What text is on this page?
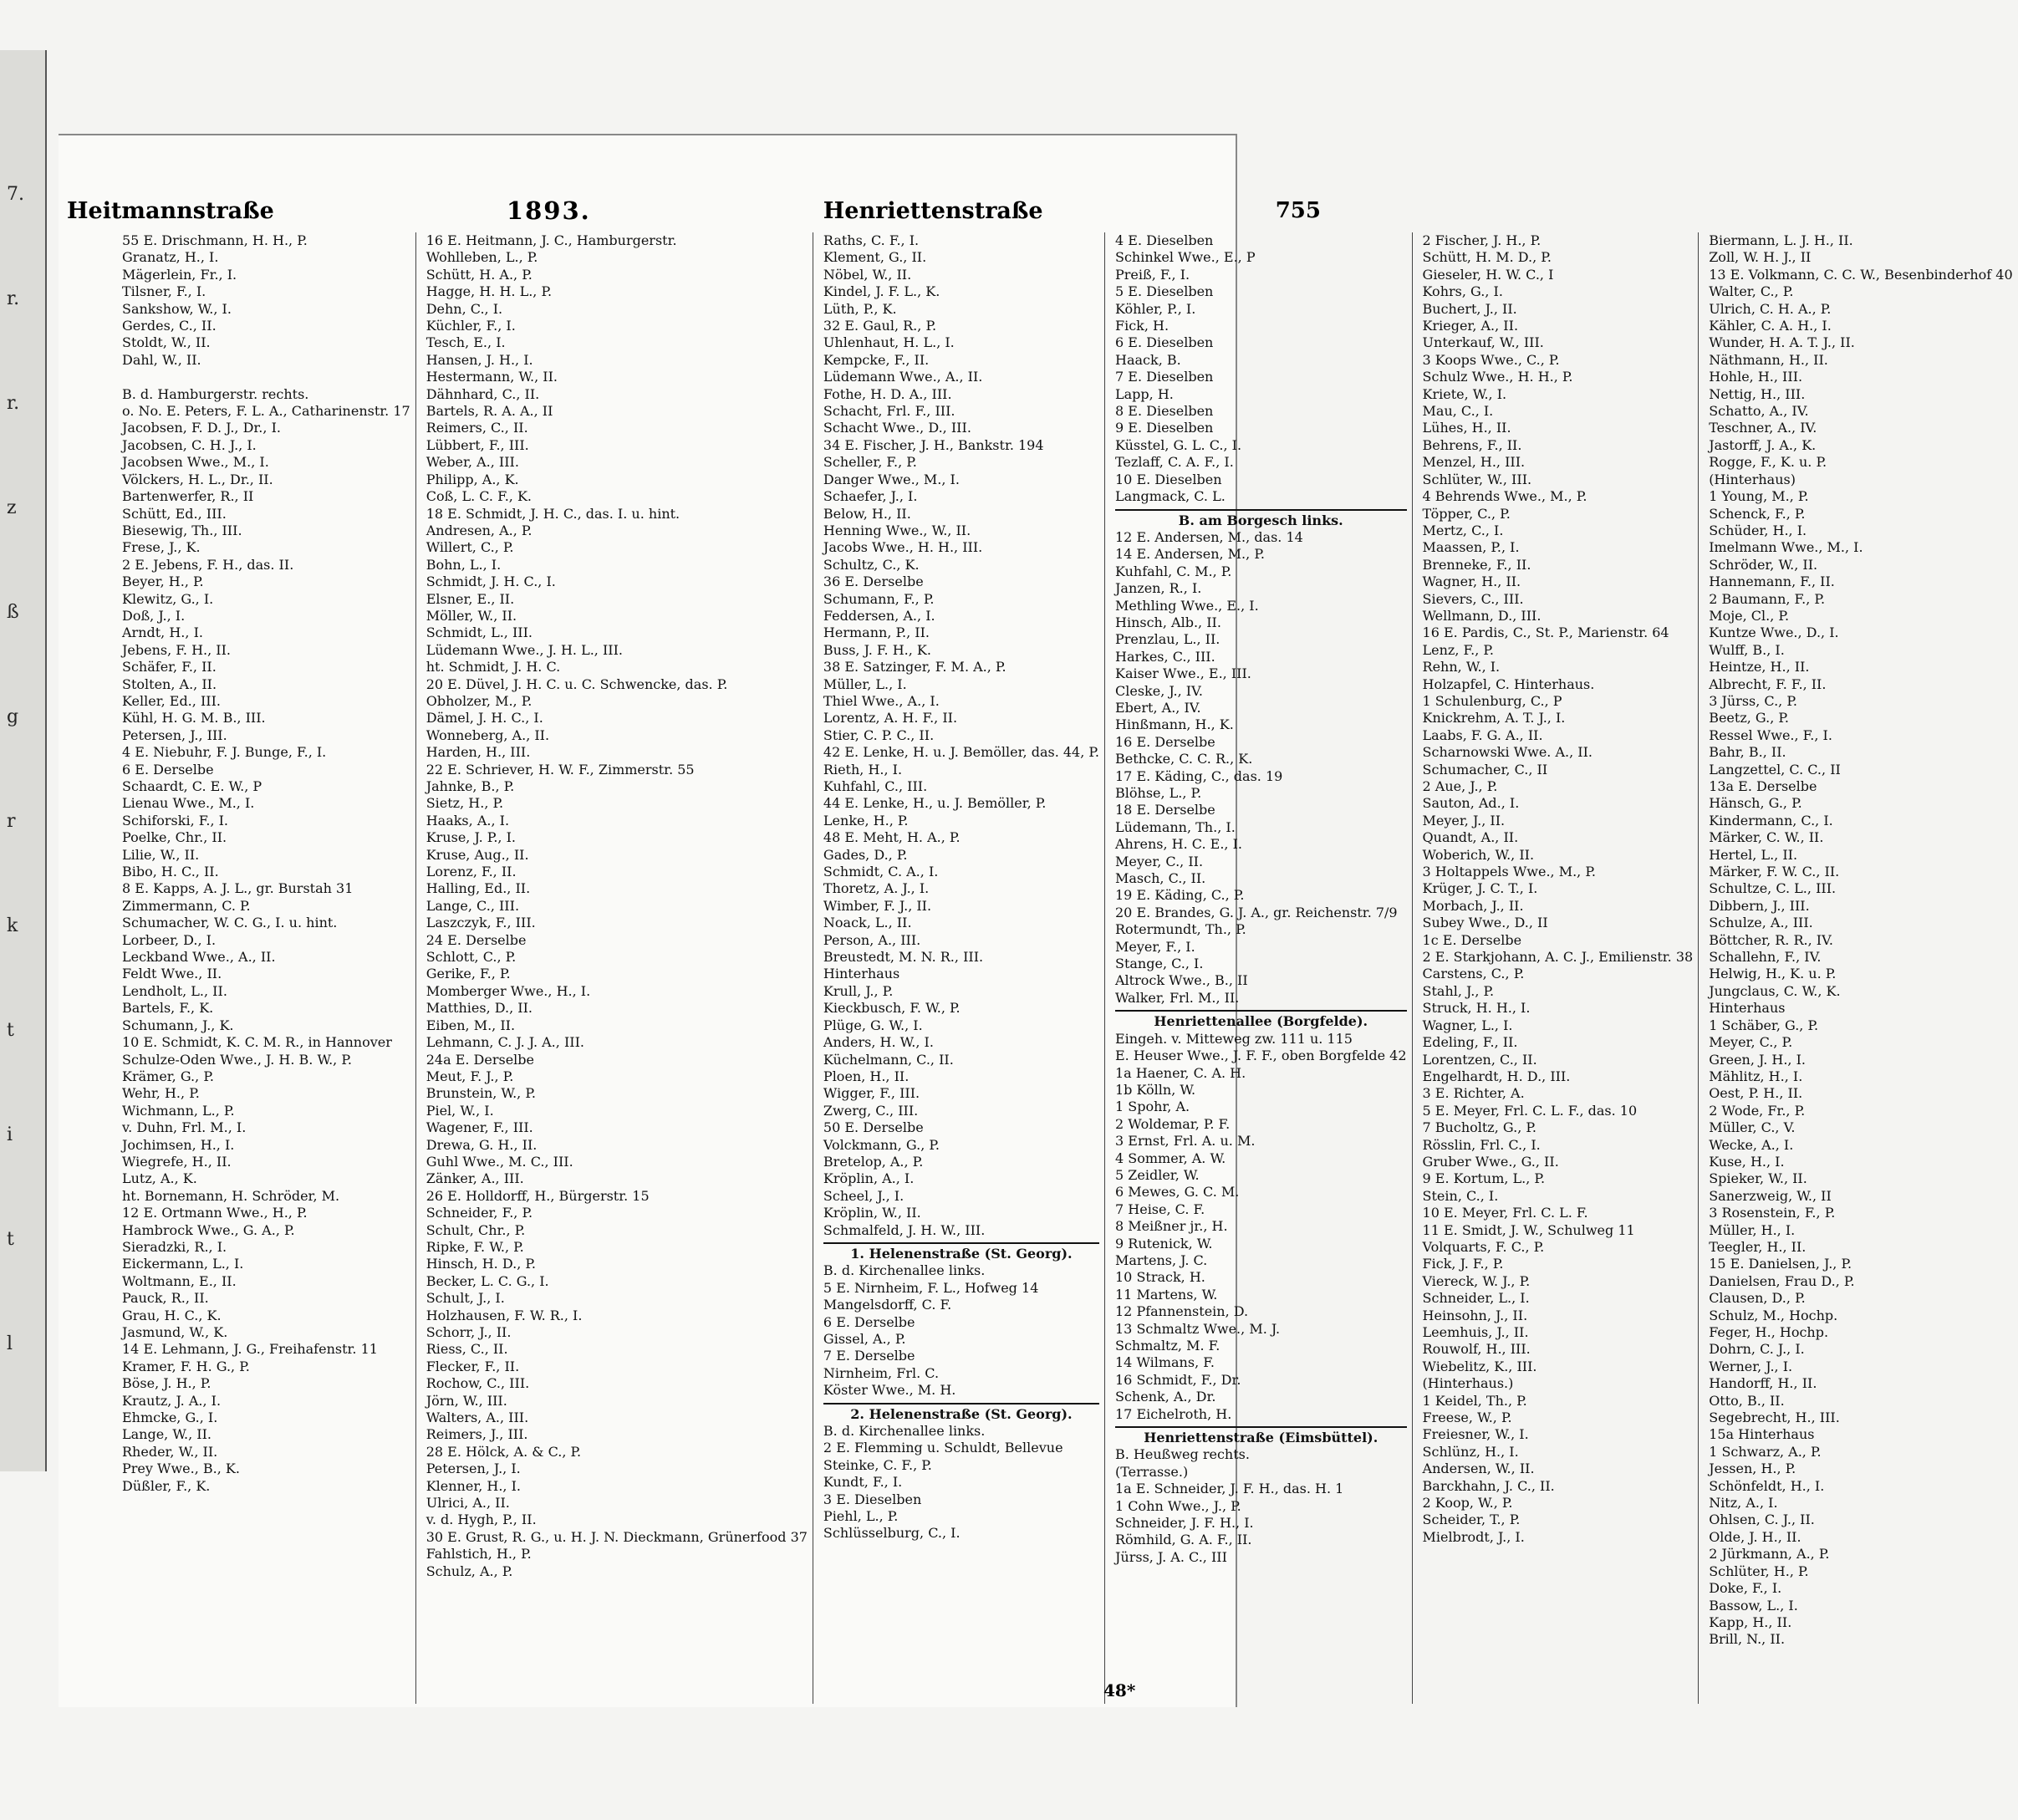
7.
r.
r.
z
ß
g
r
k
t
i
t
l
Heitmannstraße	1893.	Henriettenstraße	755
55 E. Drischmann, H. H., P.
Granatz, H., I.
Mägerlein, Fr., I.
Tilsner, F., I.
Sankshow, W., I.
Gerdes, C., II.
Stoldt, W., II.
Dahl, W., II.

B. d. Hamburgerstr. rechts.
o. No. E. Peters, F. L. A., Catharinenstr. 17
Jacobsen, F. D. J., Dr., I.
Jacobsen, C. H. J., I.
Jacobsen Wwe., M., I.
Völckers, H. L., Dr., II.
Bartenwerfer, R., II
Schütt, Ed., III.
Biesewig, Th., III.
Frese, J., K.
2 E. Jebens, F. H., das. II.
Beyer, H., P.
Klewitz, G., I.
Doß, J., I.
Arndt, H., I.
Jebens, F. H., II.
Schäfer, F., II.
Stolten, A., II.
Keller, Ed., III.
Kühl, H. G. M. B., III.
Petersen, J., III.
4 E. Niebuhr, F. J. Bunge, F., I.
6 E. Derselbe
Schaardt, C. E. W., P
Lienau Wwe., M., I.
Schiforski, F., I.
Poelke, Chr., II.
Lilie, W., II.
Bibo, H. C., II.
8 E. Kapps, A. J. L., gr. Burstah 31
Zimmermann, C. P.
Schumacher, W. C. G., I. u. hint.
Lorbeer, D., I.
Leckband Wwe., A., II.
Feldt Wwe., II.
Lendholt, L., II.
Bartels, F., K.
Schumann, J., K.
10 E. Schmidt, K. C. M. R., in Hannover
Schulze-Oden Wwe., J. H. B. W., P.
Krämer, G., P.
Wehr, H., P.
Wichmann, L., P.
v. Duhn, Frl. M., I.
Jochimsen, H., I.
Wiegrefe, H., II.
Lutz, A., K.
ht. Bornemann, H. Schröder, M.
12 E. Ortmann Wwe., H., P.
Hambrock Wwe., G. A., P.
Sieradzki, R., I.
Eickermann, L., I.
Woltmann, E., II.
Pauck, R., II.
Grau, H. C., K.
Jasmund, W., K.
14 E. Lehmann, J. G., Freihafenstr. 11
Kramer, F. H. G., P.
Böse, J. H., P.
Krautz, J. A., I.
Ehmcke, G., I.
Lange, W., II.
Rheder, W., II.
Prey Wwe., B., K.
Düßler, F., K.
16 E. Heitmann, J. C., Hamburgerstr.
Wohlleben, L., P.
Schütt, H. A., P.
Hagge, H. H. L., P.
Dehn, C., I.
Küchler, F., I.
Tesch, E., I.
Hansen, J. H., I.
Hestermann, W., II.
Dähnhard, C., II.
Bartels, R. A. A., II
Reimers, C., II.
Lübbert, F., III.
Weber, A., III.
Philipp, A., K.
Coß, L. C. F., K.
18 E. Schmidt, J. H. C., das. I. u. hint.
Andresen, A., P.
Willert, C., P.
Bohn, L., I.
Schmidt, J. H. C., I.
Elsner, E., II.
Möller, W., II.
Schmidt, L., III.
Lüdemann Wwe., J. H. L., III.
ht. Schmidt, J. H. C.
20 E. Düvel, J. H. C. u. C. Schwencke, das. P.
Obholzer, M., P.
Dämel, J. H. C., I.
Wonneberg, A., II.
Harden, H., III.
22 E. Schriever, H. W. F., Zimmerstr. 55
Jahnke, B., P.
Sietz, H., P.
Haaks, A., I.
Kruse, J. P., I.
Kruse, Aug., II.
Lorenz, F., II.
Halling, Ed., II.
Lange, C., III.
Laszczyk, F., III.
24 E. Derselbe
Schlott, C., P.
Gerike, F., P.
Momberger Wwe., H., I.
Matthies, D., II.
Eiben, M., II.
Lehmann, C. J. J. A., III.
24a E. Derselbe
Meut, F. J., P.
Brunstein, W., P.
Piel, W., I.
Wagener, F., III.
Drewa, G. H., II.
Guhl Wwe., M. C., III.
Zänker, A., III.
26 E. Holldorff, H., Bürgerstr. 15
Schneider, F., P.
Schult, Chr., P.
Ripke, F. W., P.
Hinsch, H. D., P.
Becker, L. C. G., I.
Schult, J., I.
Holzhausen, F. W. R., I.
Schorr, J., II.
Riess, C., II.
Flecker, F., II.
Rochow, C., III.
Jörn, W., III.
Walters, A., III.
Reimers, J., III.
28 E. Hölck, A. & C., P.
Petersen, J., I.
Klenner, H., I.
Ulrici, A., II.
v. d. Hygh, P., II.
30 E. Grust, R. G., u. H. J. N. Dieckmann, Grünerfood 37
Fahlstich, H., P.
Schulz, A., P.
Raths, C. F., I.
Klement, G., II.
Nöbel, W., II.
Kindel, J. F. L., K.
Lüth, P., K.
32 E. Gaul, R., P.
Uhlenhaut, H. L., I.
Kempcke, F., II.
Lüdemann Wwe., A., II.
Fothe, H. D. A., III.
Schacht, Frl. F., III.
Schacht Wwe., D., III.
34 E. Fischer, J. H., Bankstr. 194
Scheller, F., P.
Danger Wwe., M., I.
Schaefer, J., I.
Below, H., II.
Henning Wwe., W., II.
Jacobs Wwe., H. H., III.
Schultz, C., K.
36 E. Derselbe
Schumann, F., P.
Feddersen, A., I.
Hermann, P., II.
Buss, J. F. H., K.
38 E. Satzinger, F. M. A., P.
Müller, L., I.
Thiel Wwe., A., I.
Lorentz, A. H. F., II.
Stier, C. P. C., II.
42 E. Lenke, H. u. J. Bemöller, das. 44, P.
Rieth, H., I.
Kuhfahl, C., III.
44 E. Lenke, H., u. J. Bemöller, P.
Lenke, H., P.
48 E. Meht, H. A., P.
Gades, D., P.
Schmidt, C. A., I.
Thoretz, A. J., I.
Wimber, F. J., II.
Noack, L., II.
Person, A., III.
Breustedt, M. N. R., III.
Hinterhaus
Krull, J., P.
Kieckbusch, F. W., P.
Plüge, G. W., I.
Anders, H. W., I.
Küchelmann, C., II.
Ploen, H., II.
Wigger, F., III.
Zwerg, C., III.
50 E. Derselbe
Volckmann, G., P.
Bretelop, A., P.
Kröplin, A., I.
Scheel, J., I.
Kröplin, W., II.
Schmalfeld, J. H. W., III.
1. Helenenstraße (St. Georg).
B. d. Kirchenallee links.
5 E. Nirnheim, F. L., Hofweg 14
Mangelsdorff, C. F.
6 E. Derselbe
Gissel, A., P.
7 E. Derselbe
Nirnheim, Frl. C.
Köster Wwe., M. H.
2. Helenenstraße (St. Georg).
B. d. Kirchenallee links.
2 E. Flemming u. Schuldt, Bellevue
Steinke, C. F., P.
Kundt, F., I.
3 E. Dieselben
Piehl, L., P.
Schlüsselburg, C., I.
4 E. Dieselben
Schinkel Wwe., E., P
Preiß, F., I.
5 E. Dieselben
Köhler, P., I.
Fick, H.
6 E. Dieselben
Haack, B.
7 E. Dieselben
Lapp, H.
8 E. Dieselben
9 E. Dieselben
Küsstel, G. L. C., I.
Tezlaff, C. A. F., I.
10 E. Dieselben
Langmack, C. L.
B. am Borgesch links.
12 E. Andersen, M., das. 14
14 E. Andersen, M., P.
Kuhfahl, C. M., P.
Janzen, R., I.
Methling Wwe., E., I.
Hinsch, Alb., II.
Prenzlau, L., II.
Harkes, C., III.
Kaiser Wwe., E., III.
Cleske, J., IV.
Ebert, A., IV.
Hinßmann, H., K.
16 E. Derselbe
Bethcke, C. C. R., K.
17 E. Käding, C., das. 19
Blöhse, L., P.
18 E. Derselbe
Lüdemann, Th., I.
Ahrens, H. C. E., I.
Meyer, C., II.
Masch, C., II.
19 E. Käding, C., P.
20 E. Brandes, G. J. A., gr. Reichenstr. 7/9
Rotermundt, Th., P.
Meyer, F., I.
Stange, C., I.
Altrock Wwe., B., II
Walker, Frl. M., II.
Henriettenallee (Borgfelde).
Eingeh. v. Mitteweg zw. 111 u. 115
E. Heuser Wwe., J. F. F., oben Borgfelde 42
1a Haener, C. A. H.
1b Kölln, W.
1 Spohr, A.
2 Woldemar, P. F.
3 Ernst, Frl. A. u. M.
4 Sommer, A. W.
5 Zeidler, W.
6 Mewes, G. C. M.
7 Heise, C. F.
8 Meißner jr., H.
9 Rutenick, W.
Martens, J. C.
10 Strack, H.
11 Martens, W.
12 Pfannenstein, D.
13 Schmaltz Wwe., M. J.
Schmaltz, M. F.
14 Wilmans, F.
16 Schmidt, F., Dr.
Schenk, A., Dr.
17 Eichelroth, H.
Henriettenstraße (Eimsbüttel).
B. Heußweg rechts.
(Terrasse.)
1a E. Schneider, J. F. H., das. H. 1
1 Cohn Wwe., J., P.
Schneider, J. F. H., I.
Römhild, G. A. F., II.
Jürss, J. A. C., III
2 Fischer, J. H., P.
Schütt, H. M. D., P.
Gieseler, H. W. C., I
Kohrs, G., I.
Buchert, J., II.
Krieger, A., II.
Unterkauf, W., III.
3 Koops Wwe., C., P.
Schulz Wwe., H. H., P.
Kriete, W., I.
Mau, C., I.
Lühes, H., II.
Behrens, F., II.
Menzel, H., III.
Schlüter, W., III.
4 Behrends Wwe., M., P.
Töpper, C., P.
Mertz, C., I.
Maassen, P., I.
Brenneke, F., II.
Wagner, H., II.
Sievers, C., III.
Wellmann, D., III.
16 E. Pardis, C., St. P., Marienstr. 64
Lenz, F., P.
Rehn, W., I.
Holzapfel, C. Hinterhaus.
1 Schulenburg, C., P
Knickrehm, A. T. J., I.
Laabs, F. G. A., II.
Scharnowski Wwe. A., II.
Schumacher, C., II
2 Aue, J., P.
Sauton, Ad., I.
Meyer, J., II.
Quandt, A., II.
Woberich, W., II.
3 Holtappels Wwe., M., P.
Krüger, J. C. T., I.
Morbach, J., II.
Subey Wwe., D., II
1c E. Derselbe
2 E. Starkjohann, A. C. J., Emilienstr. 38
Carstens, C., P.
Stahl, J., P.
Struck, H. H., I.
Wagner, L., I.
Edeling, F., II.
Lorentzen, C., II.
Engelhardt, H. D., III.
3 E. Richter, A.
5 E. Meyer, Frl. C. L. F., das. 10
7 Bucholtz, G., P.
Rösslin, Frl. C., I.
Gruber Wwe., G., II.
9 E. Kortum, L., P.
Stein, C., I.
10 E. Meyer, Frl. C. L. F.
11 E. Smidt, J. W., Schulweg 11
Volquarts, F. C., P.
Fick, J. F., P.
Viereck, W. J., P.
Schneider, L., I.
Heinsohn, J., II.
Leemhuis, J., II.
Rouwolf, H., III.
Wiebelitz, K., III.
(Hinterhaus.)
1 Keidel, Th., P.
Freese, W., P.
Freiesner, W., I.
Schlünz, H., I.
Andersen, W., II.
Barckhahn, J. C., II.
2 Koop, W., P.
Scheider, T., P.
Mielbrodt, J., I.
Biermann, L. J. H., II.
Zoll, W. H. J., II
13 E. Volkmann, C. C. W., Besenbinderhof 40
Walter, C., P.
Ulrich, C. H. A., P.
Kähler, C. A. H., I.
Wunder, H. A. T. J., II.
Näthmann, H., II.
Hohle, H., III.
Nettig, H., III.
Schatto, A., IV.
Teschner, A., IV.
Jastorff, J. A., K.
Rogge, F., K. u. P.
(Hinterhaus)
1 Young, M., P.
Schenck, F., P.
Schüder, H., I.
Imelmann Wwe., M., I.
Schröder, W., II.
Hannemann, F., II.
2 Baumann, F., P.
Moje, Cl., P.
Kuntze Wwe., D., I.
Wulff, B., I.
Heintze, H., II.
Albrecht, F. F., II.
3 Jürss, C., P.
Beetz, G., P.
Ressel Wwe., F., I.
Bahr, B., II.
Langzettel, C. C., II
13a E. Derselbe
Hänsch, G., P.
Kindermann, C., I.
Märker, C. W., II.
Hertel, L., II.
Märker, F. W. C., II.
Schultze, C. L., III.
Dibbern, J., III.
Schulze, A., III.
Böttcher, R. R., IV.
Schallehn, F., IV.
Helwig, H., K. u. P.
Jungclaus, C. W., K.
Hinterhaus
1 Schäber, G., P.
Meyer, C., P.
Green, J. H., I.
Mählitz, H., I.
Oest, P. H., II.
2 Wode, Fr., P.
Müller, C., V.
Wecke, A., I.
Kuse, H., I.
Spieker, W., II.
Sanerzweig, W., II
3 Rosenstein, F., P.
Müller, H., I.
Teegler, H., II.
15 E. Danielsen, J., P.
Danielsen, Frau D., P.
Clausen, D., P.
Schulz, M., Hochp.
Feger, H., Hochp.
Dohrn, C. J., I.
Werner, J., I.
Handorff, H., II.
Otto, B., II.
Segebrecht, H., III.
15a Hinterhaus
1 Schwarz, A., P.
Jessen, H., P.
Schönfeldt, H., I.
Nitz, A., I.
Ohlsen, C. J., II.
Olde, J. H., II.
2 Jürkmann, A., P.
Schlüter, H., P.
Doke, F., I.
Bassow, L., I.
Kapp, H., II.
Brill, N., II.
48*
